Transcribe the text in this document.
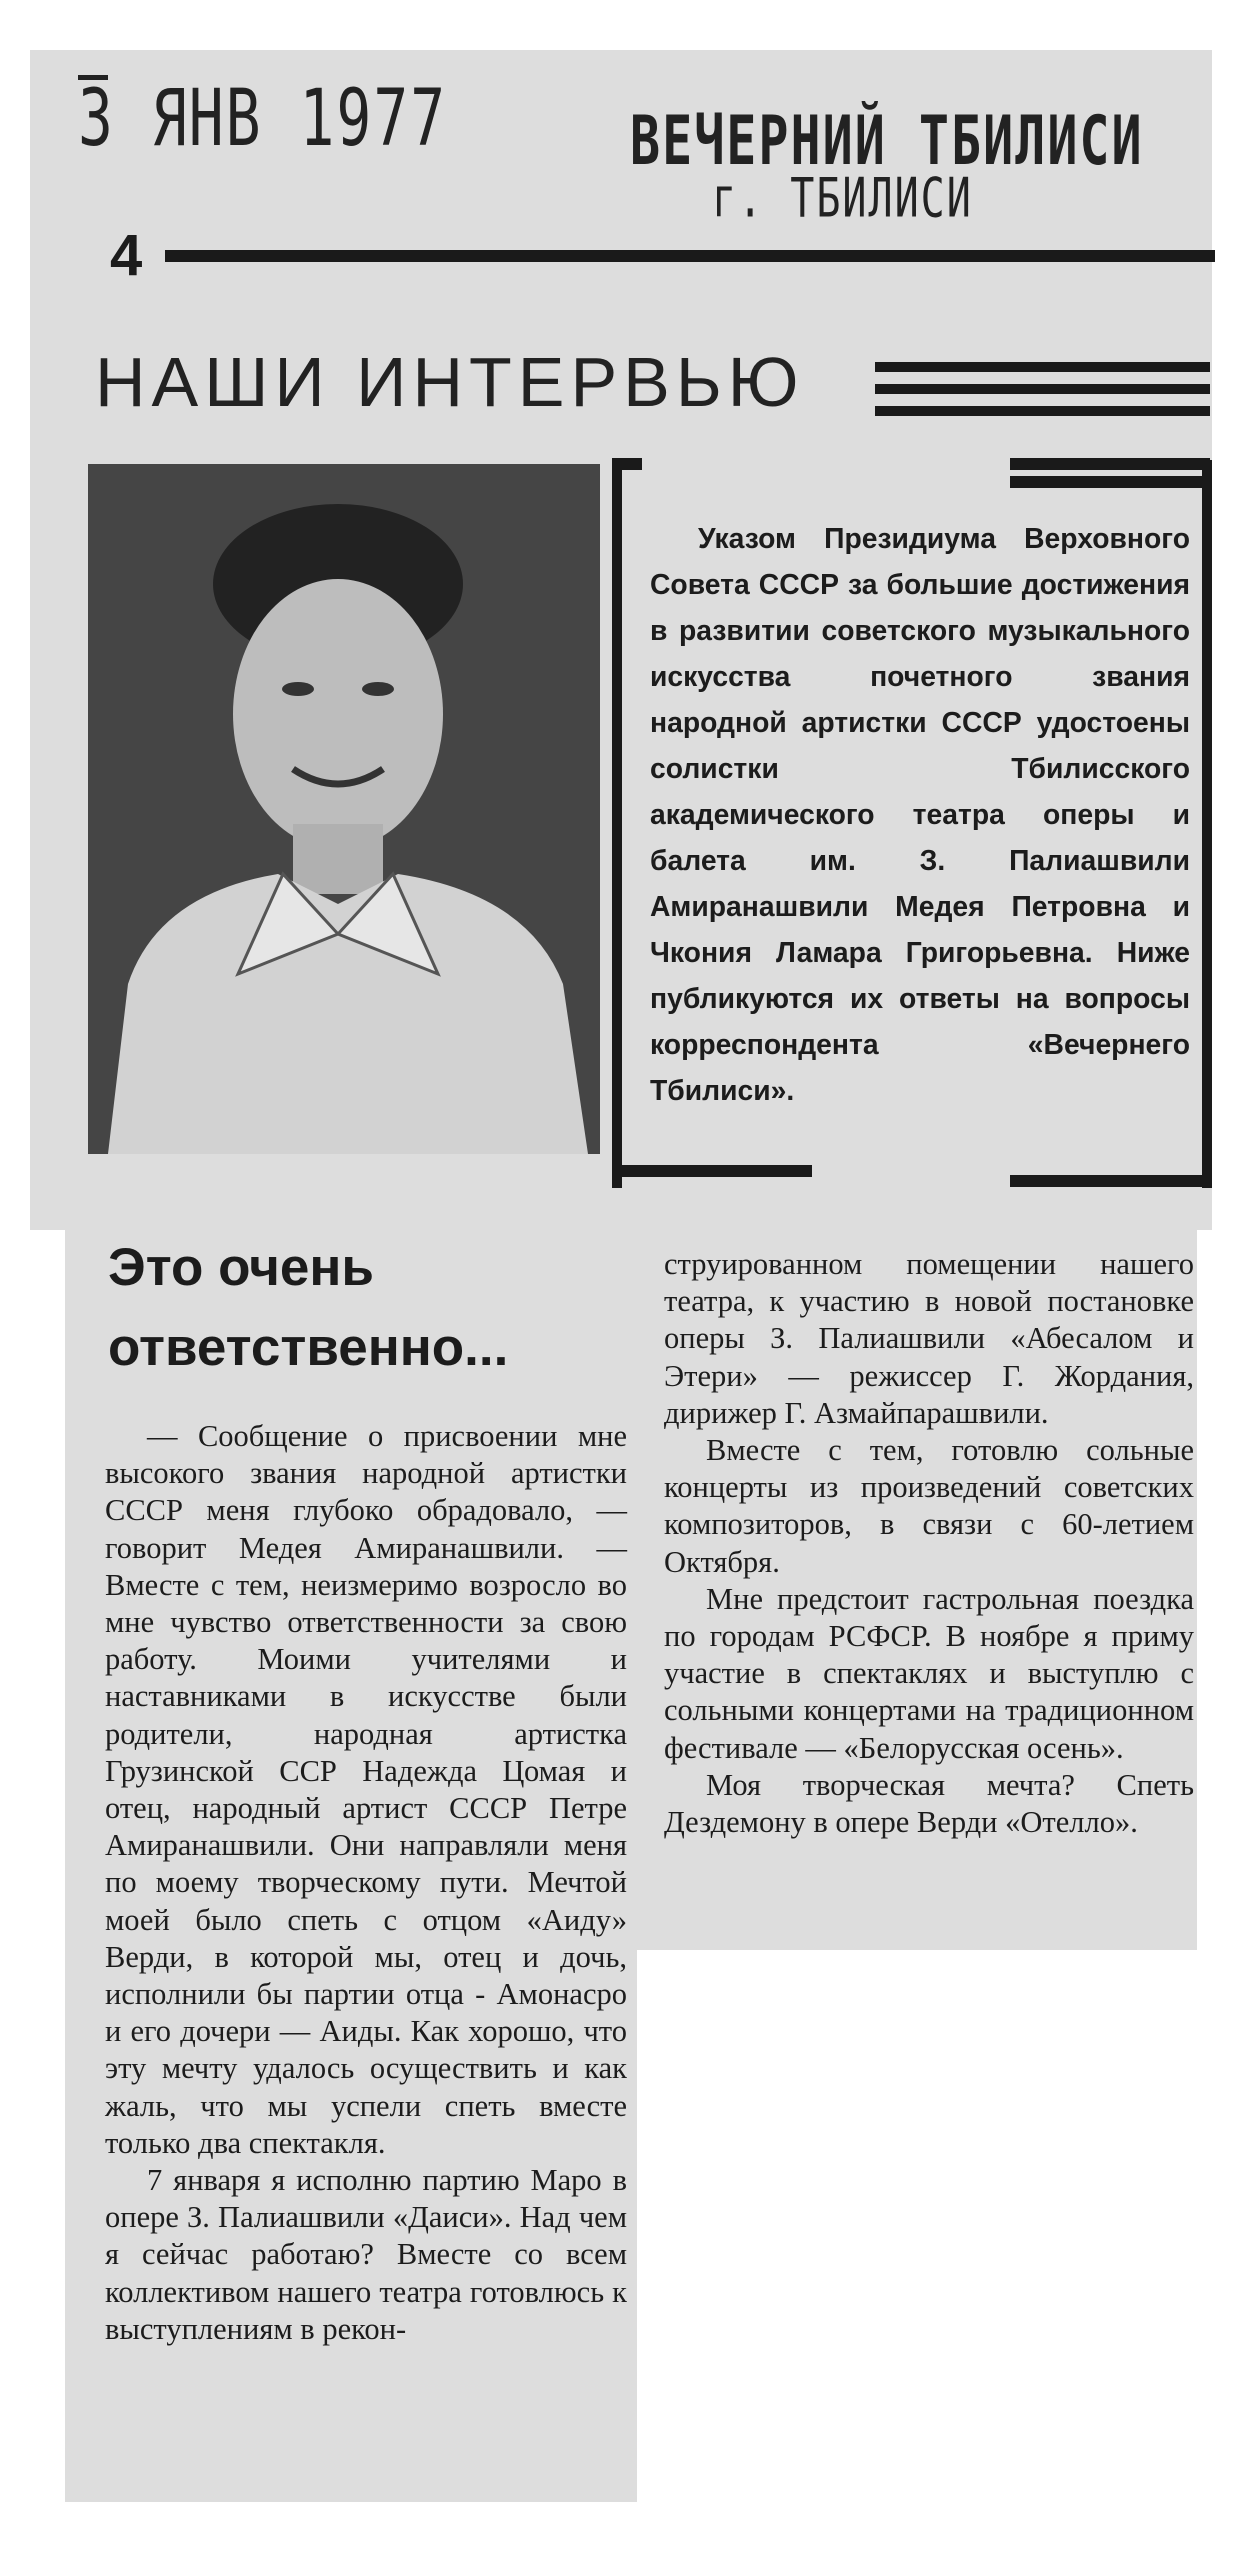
3 ЯНВ 1977	ВЕЧЕРНИЙ ТБИЛИСИ
г. ТБИЛИСИ
4
НАШИ ИНТЕРВЬЮ
Указом Президиума Верховного Совета СССР за большие достижения в развитии советского музыкального искусства почетного звания народной артистки СССР удостоены солистки Тбилисского академического театра оперы и балета им. З. Палиашвили Амиранашвили Медея Петровна и Чкония Ламара Григорьевна. Ниже публикуются их ответы на вопросы корреспондента «Вечернего Тбилиси».
Это очень
ответственно...

— Сообщение о присвоении мне высокого звания народной артистки СССР меня глубоко обрадовало, — говорит Медея Амиранашвили. — Вместе с тем, неизмеримо возросло во мне чувство ответственности за свою работу. Моими учителями и наставниками в искусстве были родители, народная артистка Грузинской ССР Надежда Цомая и отец, народный артист СССР Петре Амиранашвили. Они направляли меня по моему творческому пути. Мечтой моей было спеть с отцом «Аиду» Верди, в которой мы, отец и дочь, исполнили бы партии отца - Амонасро и его дочери — Аиды. Как хорошо, что эту мечту удалось осуществить и как жаль, что мы успели спеть вместе только два спектакля.

7 января я исполню партию Маро в опере З. Палиашвили «Даиси». Над чем я сейчас работаю? Вместе со всем коллективом нашего театра готовлюсь к выступлениям в рекон-

струированном помещении нашего театра, к участию в новой постановке оперы З. Палиашвили «Абесалом и Этери» — режиссер Г. Жордания, дирижер Г. Азмайпарашвили.

Вместе с тем, готовлю сольные концерты из произведений советских композиторов, в связи с 60-летием Октября.

Мне предстоит гастрольная поездка по городам РСФСР. В ноябре я приму участие в спектаклях и выступлю с сольными концертами на традиционном фестивале — «Белорусская осень».

Моя творческая мечта? Спеть Дездемону в опере Верди «Отелло».
